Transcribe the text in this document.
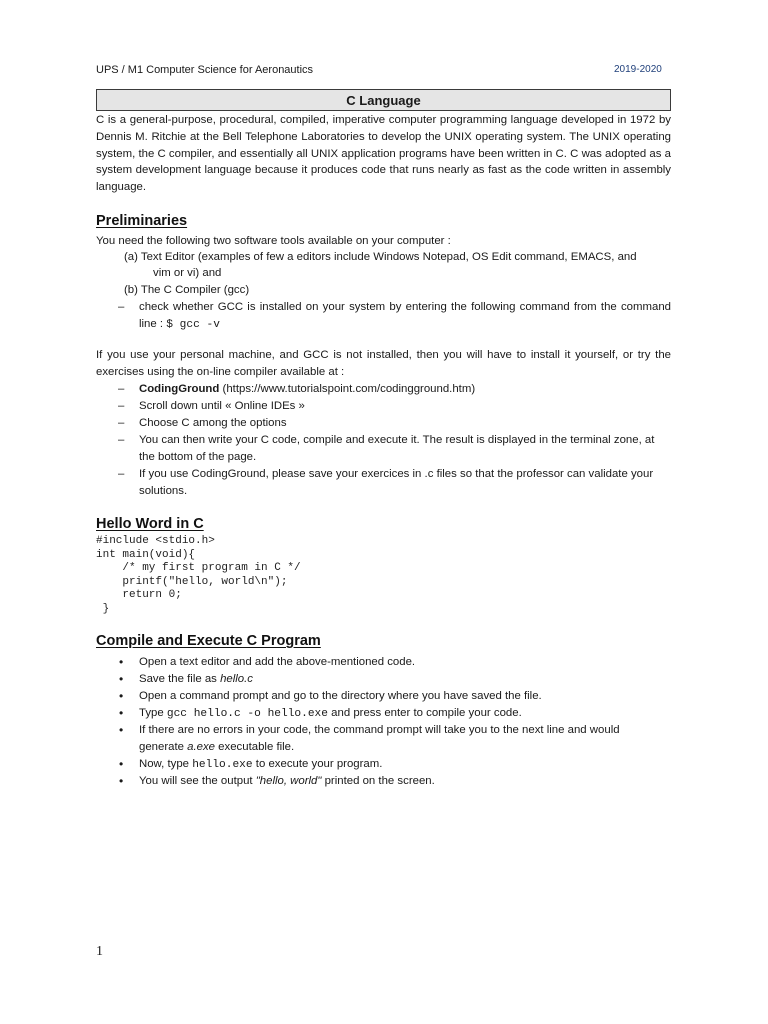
UPS / M1 Computer Science for Aeronautics	2019-2020
C Language
C is a general-purpose, procedural, compiled, imperative computer programming language developed in 1972 by Dennis M. Ritchie at the Bell Telephone Laboratories to develop the UNIX operating system. The UNIX operating system, the C compiler, and essentially all UNIX application programs have been written in C. C was adopted as a system development language because it produces code that runs nearly as fast as the code written in assembly language.
Preliminaries
You need the following two software tools available on your computer :
(a) Text Editor (examples of few a editors include Windows Notepad, OS Edit command, EMACS, and
vim or vi) and
(b) The C Compiler (gcc)
– check whether GCC is installed on your system by entering the following command from the command line : $ gcc -v
If you use your personal machine, and GCC is not installed, then you will have to install it yourself, or try the exercises using the on-line compiler available at :
– CodingGround (https://www.tutorialspoint.com/codingground.htm)
– Scroll down until « Online IDEs »
– Choose C among the options
– You can then write your C code, compile and execute it. The result is displayed in the terminal zone, at the bottom of the page.
– If you use CodingGround, please save your exercices in .c files so that the professor can validate your solutions.
Hello Word in C
#include <stdio.h>
int main(void){
/* my first program in C */
printf("hello, world\n");
return 0;
}
Compile and Execute C Program
• Open a text editor and add the above-mentioned code.
• Save the file as hello.c
• Open a command prompt and go to the directory where you have saved the file.
• Type gcc hello.c -o hello.exe and press enter to compile your code.
• If there are no errors in your code, the command prompt will take you to the next line and would
generate a.exe executable file.
• Now, type hello.exe to execute your program.
• You will see the output "hello, world" printed on the screen.
1
